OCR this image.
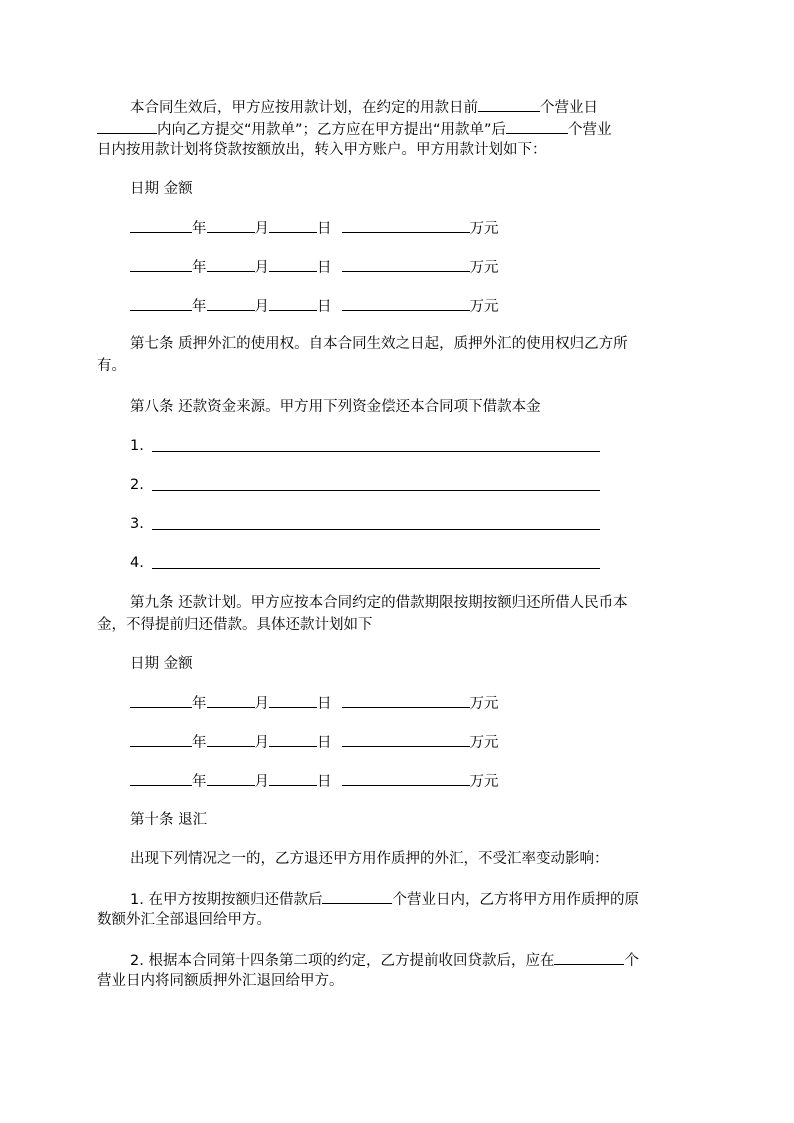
本合同生效后，甲方应按用款计划，在约定的用款日前	个营业日
内向乙方提交“用款单”；乙方应在甲方提出“用款单”后	个营业
日内按用款计划将贷款按额放出，转入甲方账户。甲方用款计划如下：
日期 金额
年	月	日	万元
年	月	日	万元
年	月	日	万元
第七条 质押外汇的使用权。自本合同生效之日起，质押外汇的使用权归乙方所
有。
第八条 还款资金来源。甲方用下列资金偿还本合同项下借款本金
1.
2.
3.
4.
第九条 还款计划。甲方应按本合同约定的借款期限按期按额归还所借人民币本
金，不得提前归还借款。具体还款计划如下
日期 金额
年	月	日	万元
年	月	日	万元
年	月	日	万元
第十条 退汇
出现下列情况之一的，乙方退还甲方用作质押的外汇，不受汇率变动影响：
1. 在甲方按期按额归还借款后	个营业日内，乙方将甲方用作质押的原
数额外汇全部退回给甲方。
2. 根据本合同第十四条第二项的约定，乙方提前收回贷款后，应在	个
营业日内将同额质押外汇退回给甲方。
